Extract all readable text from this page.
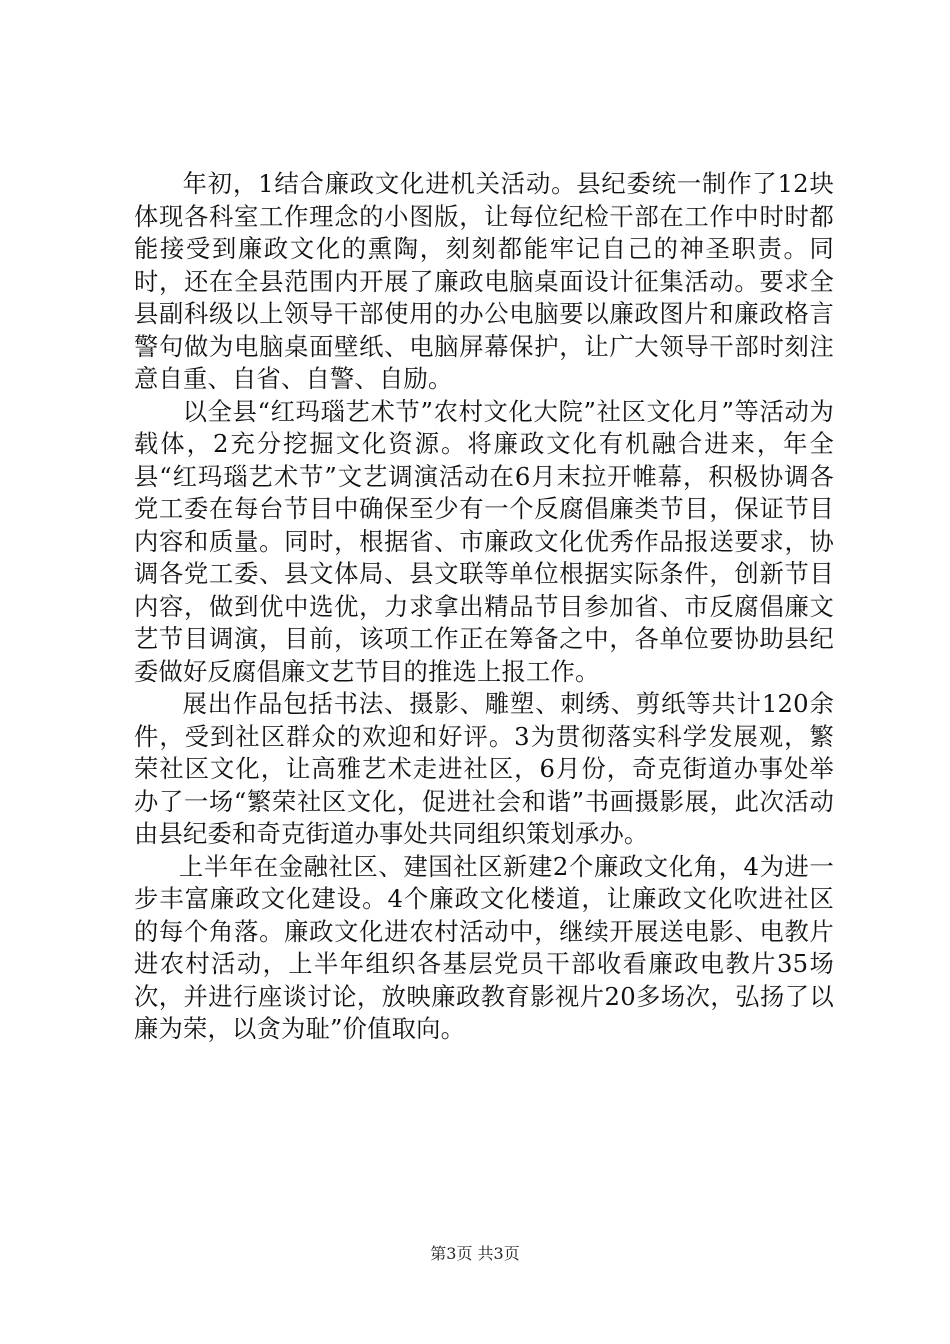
年初，1结合廉政文化进机关活动。县纪委统一制作了12块体现各科室工作理念的小图版，让每位纪检干部在工作中时时都能接受到廉政文化的熏陶，刻刻都能牢记自己的神圣职责。同时，还在全县范围内开展了廉政电脑桌面设计征集活动。要求全县副科级以上领导干部使用的办公电脑要以廉政图片和廉政格言警句做为电脑桌面壁纸、电脑屏幕保护，让广大领导干部时刻注意自重、自省、自警、自励。

以全县“红玛瑙艺术节”农村文化大院”社区文化月”等活动为载体，2充分挖掘文化资源。将廉政文化有机融合进来，年全县“红玛瑙艺术节”文艺调演活动在6月末拉开帷幕，积极协调各党工委在每台节目中确保至少有一个反腐倡廉类节目，保证节目内容和质量。同时，根据省、市廉政文化优秀作品报送要求，协调各党工委、县文体局、县文联等单位根据实际条件，创新节目内容，做到优中选优，力求拿出精品节目参加省、市反腐倡廉文艺节目调演，目前，该项工作正在筹备之中，各单位要协助县纪委做好反腐倡廉文艺节目的推选上报工作。

展出作品包括书法、摄影、雕塑、刺绣、剪纸等共计120余件，受到社区群众的欢迎和好评。3为贯彻落实科学发展观，繁荣社区文化，让高雅艺术走进社区，6月份，奇克街道办事处举办了一场“繁荣社区文化，促进社会和谐”书画摄影展，此次活动由县纪委和奇克街道办事处共同组织策划承办。

上半年在金融社区、建国社区新建2个廉政文化角，4为进一步丰富廉政文化建设。4个廉政文化楼道，让廉政文化吹进社区的每个角落。廉政文化进农村活动中，继续开展送电影、电教片进农村活动，上半年组织各基层党员干部收看廉政电教片35场次，并进行座谈讨论，放映廉政教育影视片20多场次，弘扬了以廉为荣，以贪为耻”价值取向。

第3页 共3页
